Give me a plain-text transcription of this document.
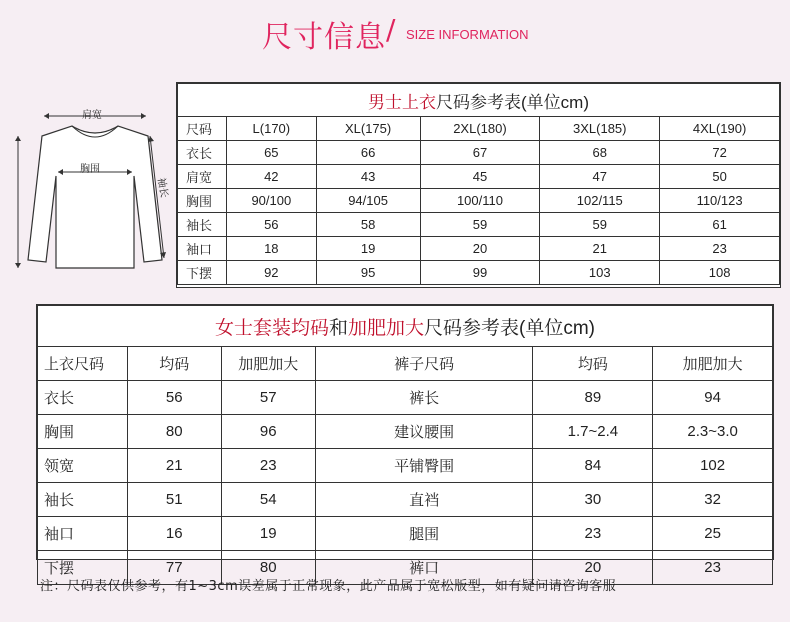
尺寸信息 / SIZE INFORMATION
肩宽
胸围
袖长
男士上衣尺码参考表(单位cm)					
尺码	L(170)	XL(175)	2XL(180)	3XL(185)	4XL(190)
衣长	65	66	67	68	72
肩宽	42	43	45	47	50
胸围	90/100	94/105	100/110	102/115	110/123
袖长	56	58	59	59	61
袖口	18	19	20	21	23
下摆	92	95	99	103	108
女士套装均码和加肥加大尺码参考表(单位cm)					
上衣尺码	均码	加肥加大	裤子尺码	均码	加肥加大
衣长	56	57	裤长	89	94
胸围	80	96	建议腰围	1.7~2.4	2.3~3.0
领宽	21	23	平铺臀围	84	102
袖长	51	54	直裆	30	32
袖口	16	19	腿围	23	25
下摆	77	80	裤口	20	23
注：尺码表仅供参考，有1~3cm误差属于正常现象，此产品属于宽松版型，如有疑问请咨询客服
